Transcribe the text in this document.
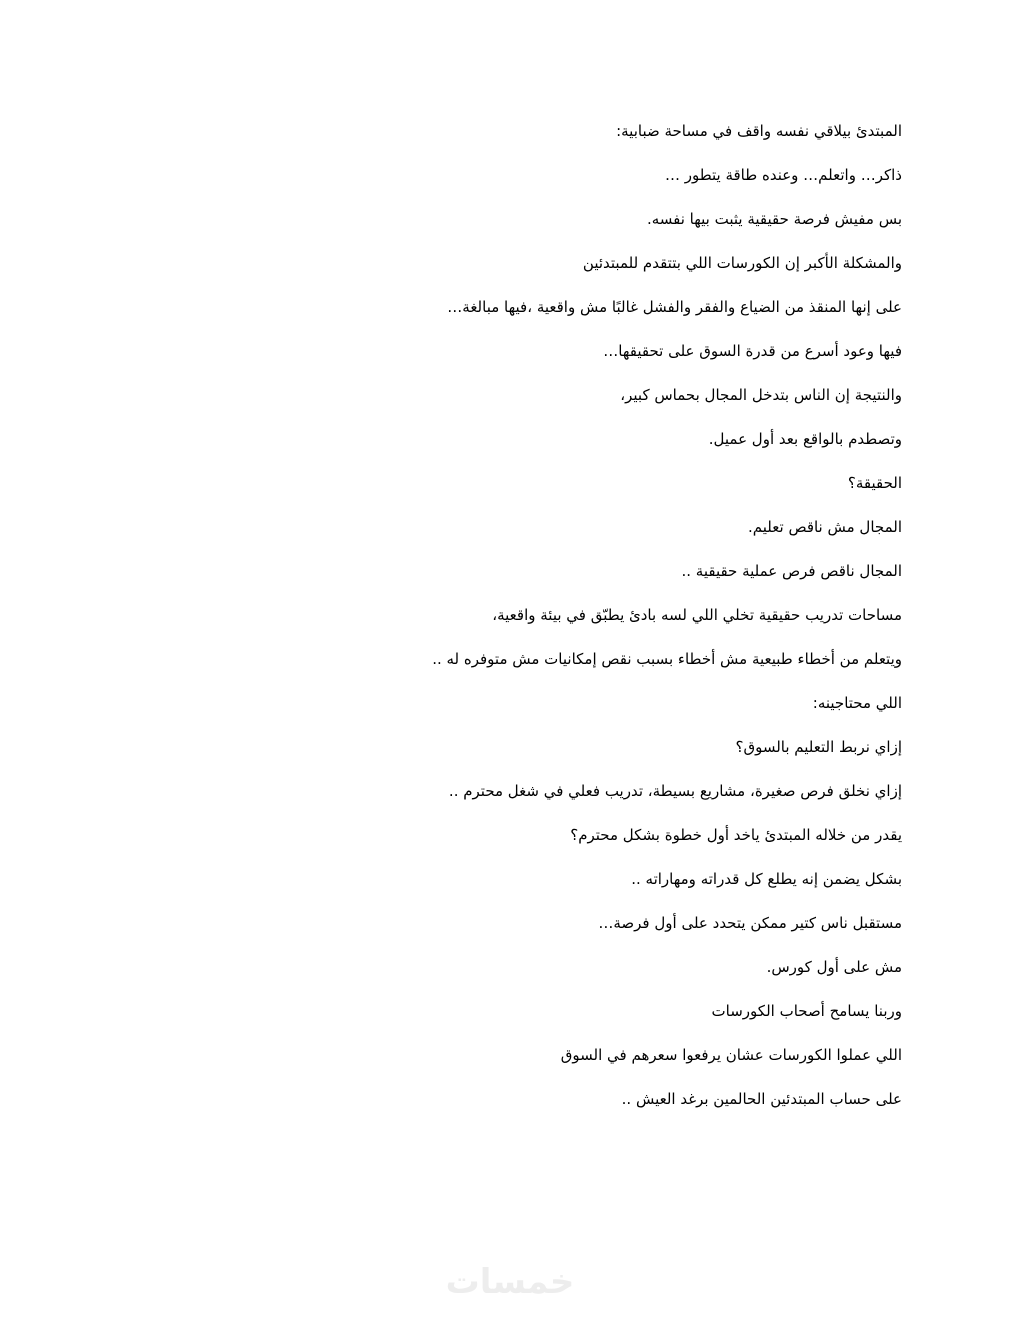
المبتدئ بيلاقي نفسه واقف في مساحة ضبابية:
ذاكر… واتعلم… وعنده طاقة يتطور …
بس مفيش فرصة حقيقية يثبت بيها نفسه.
والمشكلة الأكبر إن الكورسات اللي بتتقدم للمبتدئين
على إنها المنقذ من الضياع والفقر والفشل غالبًا مش واقعية ،فيها مبالغة…
فيها وعود أسرع من قدرة السوق على تحقيقها…
والنتيجة إن الناس بتدخل المجال بحماس كبير،
وتصطدم بالواقع بعد أول عميل.
الحقيقة؟
المجال مش ناقص تعليم.
المجال ناقص فرص عملية حقيقية ..
مساحات تدريب حقيقية تخلي اللي لسه بادئ يطبّق في بيئة واقعية،
ويتعلم من أخطاء طبيعية مش أخطاء بسبب نقص إمكانيات مش متوفره له ..
اللي محتاجينه:
إزاي نربط التعليم بالسوق؟
إزاي نخلق فرص صغيرة، مشاريع بسيطة، تدريب فعلي في شغل محترم ..
يقدر من خلاله المبتدئ ياخد أول خطوة بشكل محترم؟
بشكل يضمن إنه يطلع كل قدراته ومهاراته ..
مستقبل ناس كتير ممكن يتحدد على أول فرصة…
مش على أول كورس.
وربنا يسامح أصحاب الكورسات
اللي عملوا الكورسات عشان يرفعوا سعرهم في السوق
على حساب المبتدئين الحالمين برغد العيش ..
خمسات
